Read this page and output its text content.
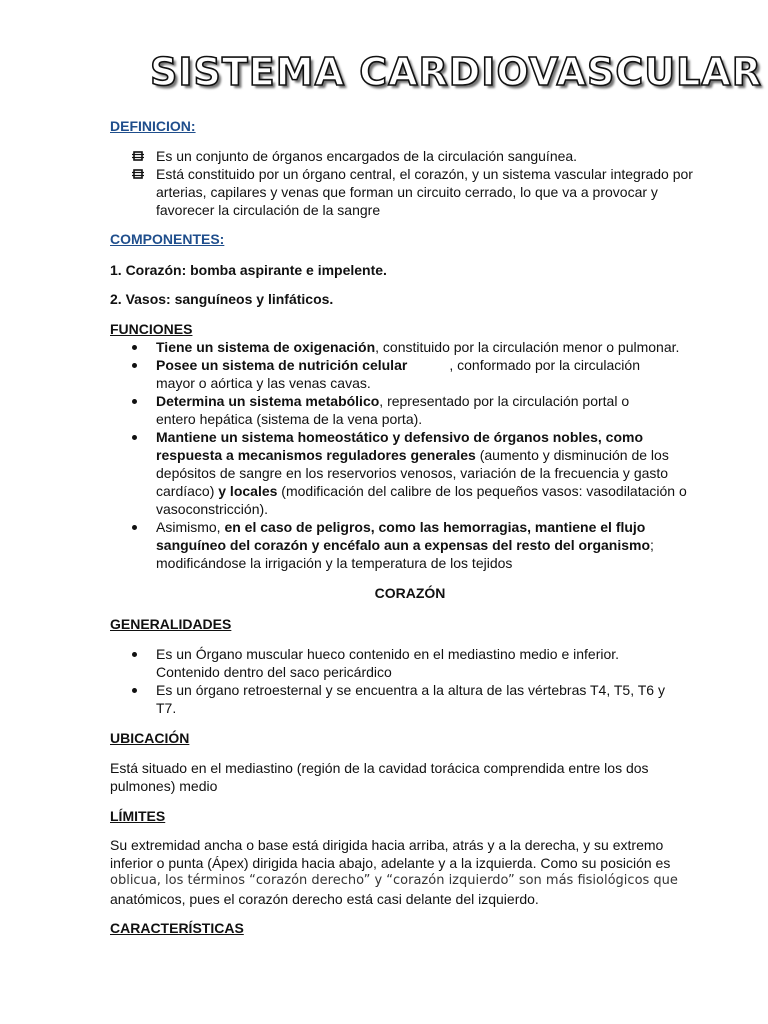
SISTEMA CARDIOVASCULAR
DEFINICION:
Es un conjunto de órganos encargados de la circulación sanguínea.
Está constituido por un órgano central, el corazón, y un sistema vascular integrado por arterias, capilares y venas que forman un circuito cerrado, lo que va a provocar y favorecer la circulación de la sangre
COMPONENTES:
1. Corazón: bomba aspirante e impelente.
2. Vasos: sanguíneos y linfáticos.
FUNCIONES
Tiene un sistema de oxigenación, constituido por la circulación menor o pulmonar.
Posee un sistema de nutrición celular	, conformado por la circulación
mayor o aórtica y las venas cavas.
Determina un sistema metabólico, representado por la circulación portal o
entero hepática (sistema de la vena porta).
Mantiene un sistema homeostático y defensivo de órganos nobles, como respuesta a mecanismos reguladores generales (aumento y disminución de los depósitos de sangre en los reservorios venosos, variación de la frecuencia y gasto cardíaco) y locales (modificación del calibre de los pequeños vasos: vasodilatación o vasoconstricción).
Asimismo, en el caso de peligros, como las hemorragias, mantiene el flujo sanguíneo del corazón y encéfalo aun a expensas del resto del organismo; modificándose la irrigación y la temperatura de los tejidos
CORAZÓN
GENERALIDADES
Es un Órgano muscular hueco contenido en el mediastino medio e inferior.
Contenido dentro del saco pericárdico
Es un órgano retroesternal y se encuentra a la altura de las vértebras T4, T5, T6 y T7.
UBICACIÓN
Está situado en el mediastino (región de la cavidad torácica comprendida entre los dos pulmones) medio
LÍMITES
Su extremidad ancha o base está dirigida hacia arriba, atrás y a la derecha, y su extremo inferior o punta (Ápex) dirigida hacia abajo, adelante y a la izquierda. Como su posición es
oblicua, los términos “corazón derecho” y “corazón izquierdo” son más fisiológicos que
anatómicos, pues el corazón derecho está casi delante del izquierdo.
CARACTERÍSTICAS
